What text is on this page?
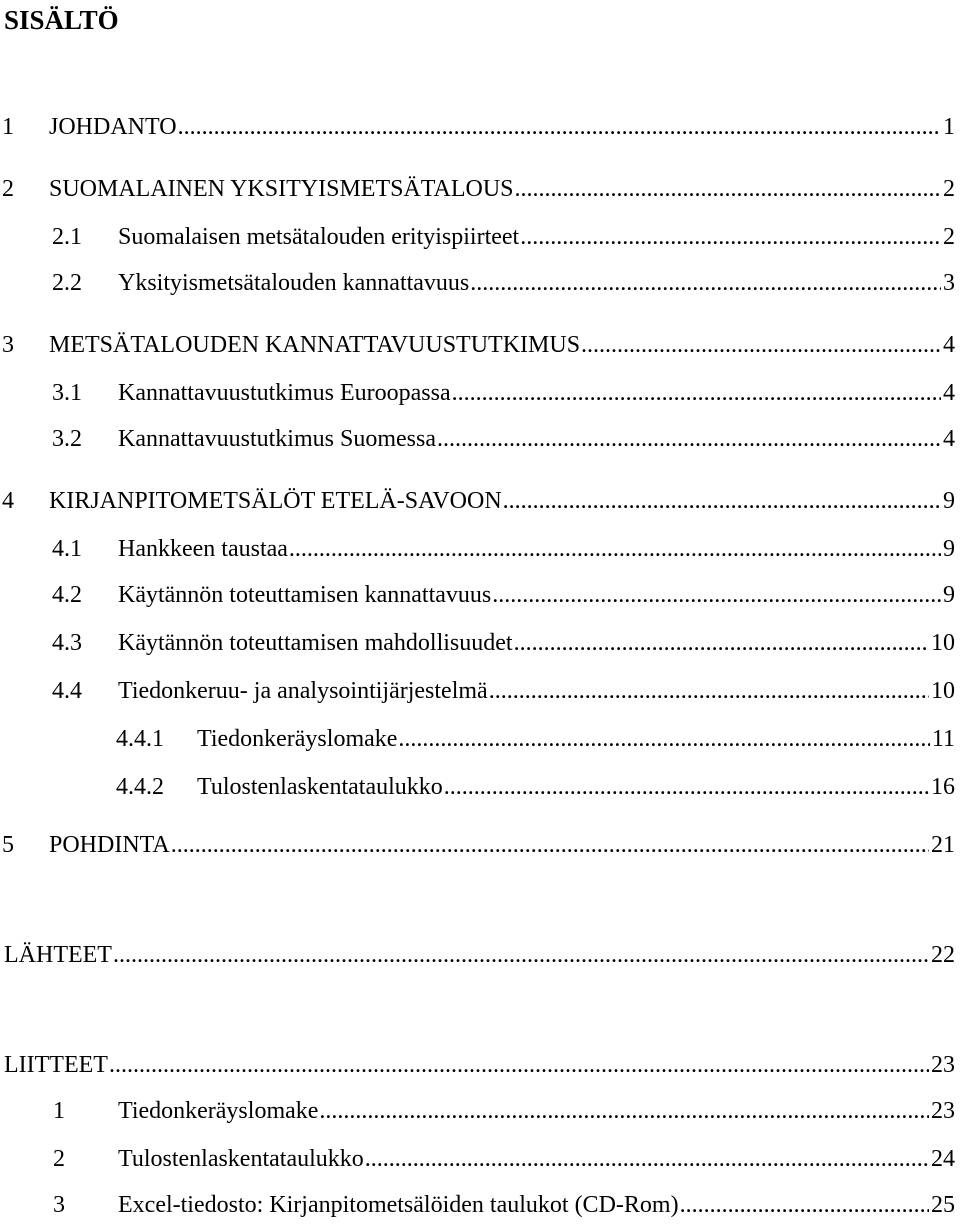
SISÄLTÖ
1	JOHDANTO .....	1
2	SUOMALAINEN YKSITYISMETSÄTALOUS .....	2
2.1	Suomalaisen metsätalouden erityispiirteet .....	2
2.2	Yksityismetsätalouden kannattavuus .....	3
3	METSÄTALOUDEN KANNATTAVUUSTUTKIMUS .....	4
3.1	Kannattavuustutkimus Euroopassa .....	4
3.2	Kannattavuustutkimus Suomessa .....	4
4	KIRJANPITOMETSÄLÖT ETELÄ-SAVOON .....	9
4.1	Hankkeen taustaa .....	9
4.2	Käytännön toteuttamisen kannattavuus .....	9
4.3	Käytännön toteuttamisen mahdollisuudet .....	10
4.4	Tiedonkeruu- ja analysointijärjestelmä .....	10
4.4.1	Tiedonkeräyslomake .....	11
4.4.2	Tulostenlaskentataulukko .....	16
5	POHDINTA .....	21
LÄHTEET .....	22
LIITTEET .....	23
1	Tiedonkeräyslomake .....	23
2	Tulostenlaskentataulukko .....	24
3	Excel-tiedosto: Kirjanpitometsälöiden taulukot (CD-Rom) .....	25
